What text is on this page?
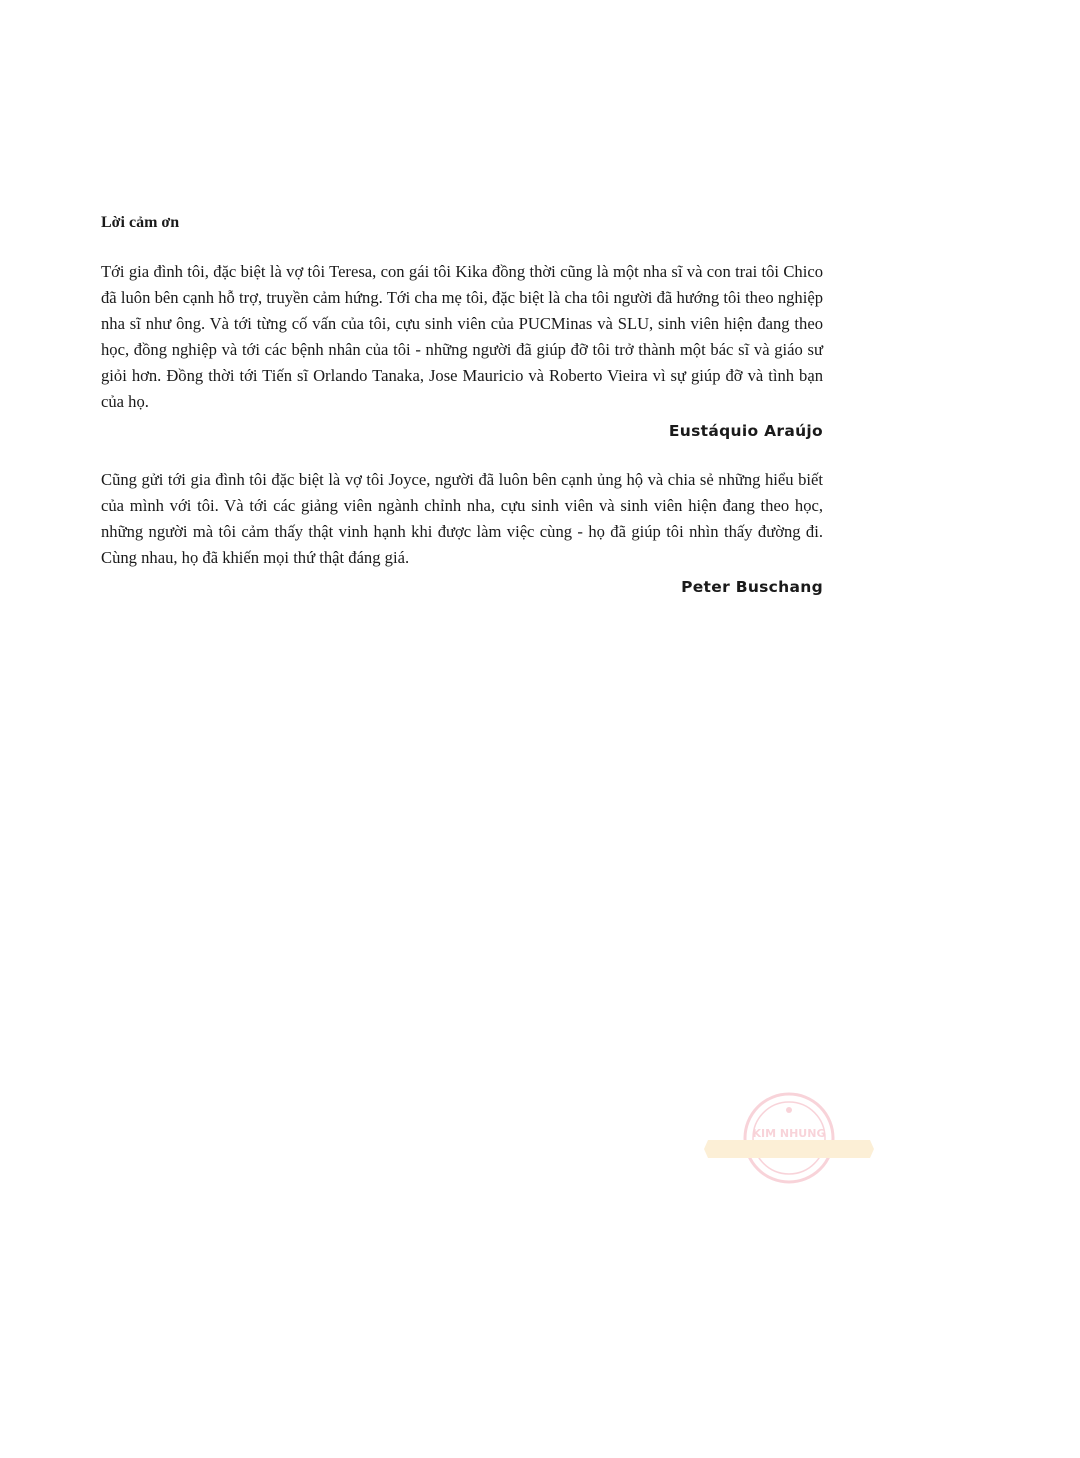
Lời cảm ơn

Tới gia đình tôi, đặc biệt là vợ tôi Teresa, con gái tôi Kika đồng thời cũng là một nha sĩ và con trai tôi Chico đã luôn bên cạnh hỗ trợ, truyền cảm hứng. Tới cha mẹ tôi, đặc biệt là cha tôi người đã hướng tôi theo nghiệp nha sĩ như ông. Và tới từng cố vấn của tôi, cựu sinh viên của PUCMinas và SLU, sinh viên hiện đang theo học, đồng nghiệp và tới các bệnh nhân của tôi - những người đã giúp đỡ tôi trở thành một bác sĩ và giáo sư giỏi hơn. Đồng thời tới Tiến sĩ Orlando Tanaka, Jose Mauricio và Roberto Vieira vì sự giúp đỡ và tình bạn của họ.

Eustáquio Araújo

Cũng gửi tới gia đình tôi đặc biệt là vợ tôi Joyce, người đã luôn bên cạnh ủng hộ và chia sẻ những hiểu biết của mình với tôi. Và tới các giảng viên ngành chỉnh nha, cựu sinh viên và sinh viên hiện đang theo học, những người mà tôi cảm thấy thật vinh hạnh khi được làm việc cùng - họ đã giúp tôi nhìn thấy đường đi. Cùng nhau, họ đã khiến mọi thứ thật đáng giá.

Peter Buschang

KIM NHUNG
